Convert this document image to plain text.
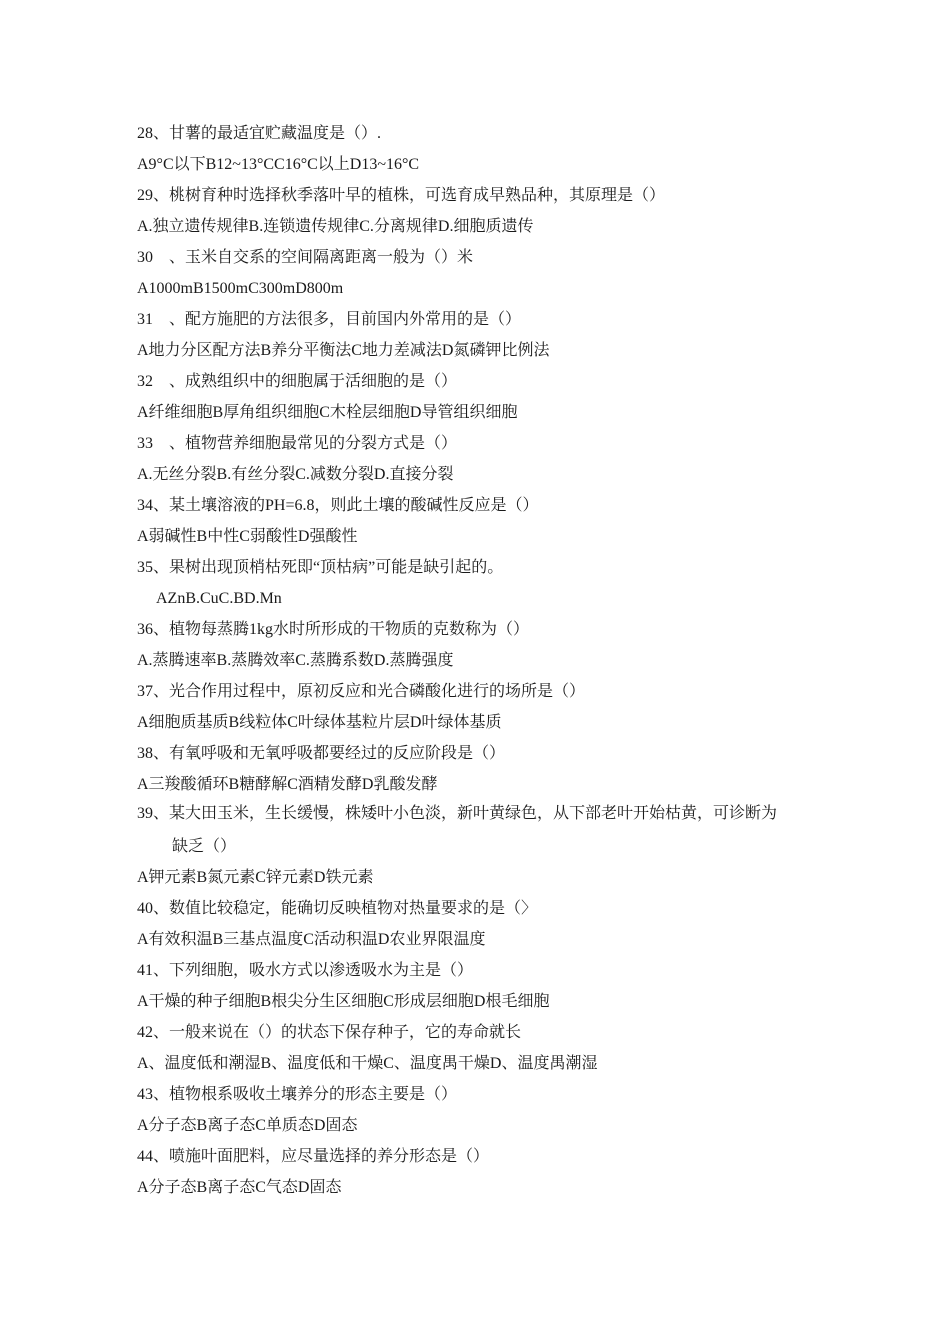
28、甘薯的最适宜贮藏温度是（）.
A9°C以下B12~13°CC16°C以上D13~16°C
29、桃树育种时选择秋季落叶早的植株，可选育成早熟品种，其原理是（）
A.独立遗传规律B.连锁遗传规律C.分离规律D.细胞质遗传
30　、玉米自交系的空间隔离距离一般为（）米
A1000mB1500mC300mD800m
31　、配方施肥的方法很多，目前国内外常用的是（）
A地力分区配方法B养分平衡法C地力差减法D氮磷钾比例法
32　、成熟组织中的细胞属于活细胞的是（）
A纤维细胞B厚角组织细胞C木栓层细胞D导管组织细胞
33　、植物营养细胞最常见的分裂方式是（）
A.无丝分裂B.有丝分裂C.减数分裂D.直接分裂
34、某土壤溶液的PH=6.8，则此土壤的酸碱性反应是（）
A弱碱性B中性C弱酸性D强酸性
35、果树出现顶梢枯死即“顶枯病”可能是缺引起的。
AZnB.CuC.BD.Mn
36、植物每蒸腾1kg水时所形成的干物质的克数称为（）
A.蒸腾速率B.蒸腾效率C.蒸腾系数D.蒸腾强度
37、光合作用过程中，原初反应和光合磷酸化进行的场所是（）
A细胞质基质B线粒体C叶绿体基粒片层D叶绿体基质
38、有氧呼吸和无氧呼吸都要经过的反应阶段是（）
A三羧酸循环B糖酵解C酒精发酵D乳酸发酵
39、某大田玉米，生长缓慢，株矮叶小色淡，新叶黄绿色，从下部老叶开始枯黄，可诊断为
缺乏（）
A钾元素B氮元素C锌元素D铁元素
40、数值比较稳定，能确切反映植物对热量要求的是（〉
A有效积温B三基点温度C活动积温D农业界限温度
41、下列细胞，吸水方式以渗透吸水为主是（）
A干燥的种子细胞B根尖分生区细胞C形成层细胞D根毛细胞
42、一般来说在（）的状态下保存种子，它的寿命就长
A、温度低和潮湿B、温度低和干燥C、温度禺干燥D、温度禺潮湿
43、植物根系吸收土壤养分的形态主要是（）
A分子态B离子态C单质态D固态
44、喷施叶面肥料，应尽量选择的养分形态是（）
A分子态B离子态C气态D固态
